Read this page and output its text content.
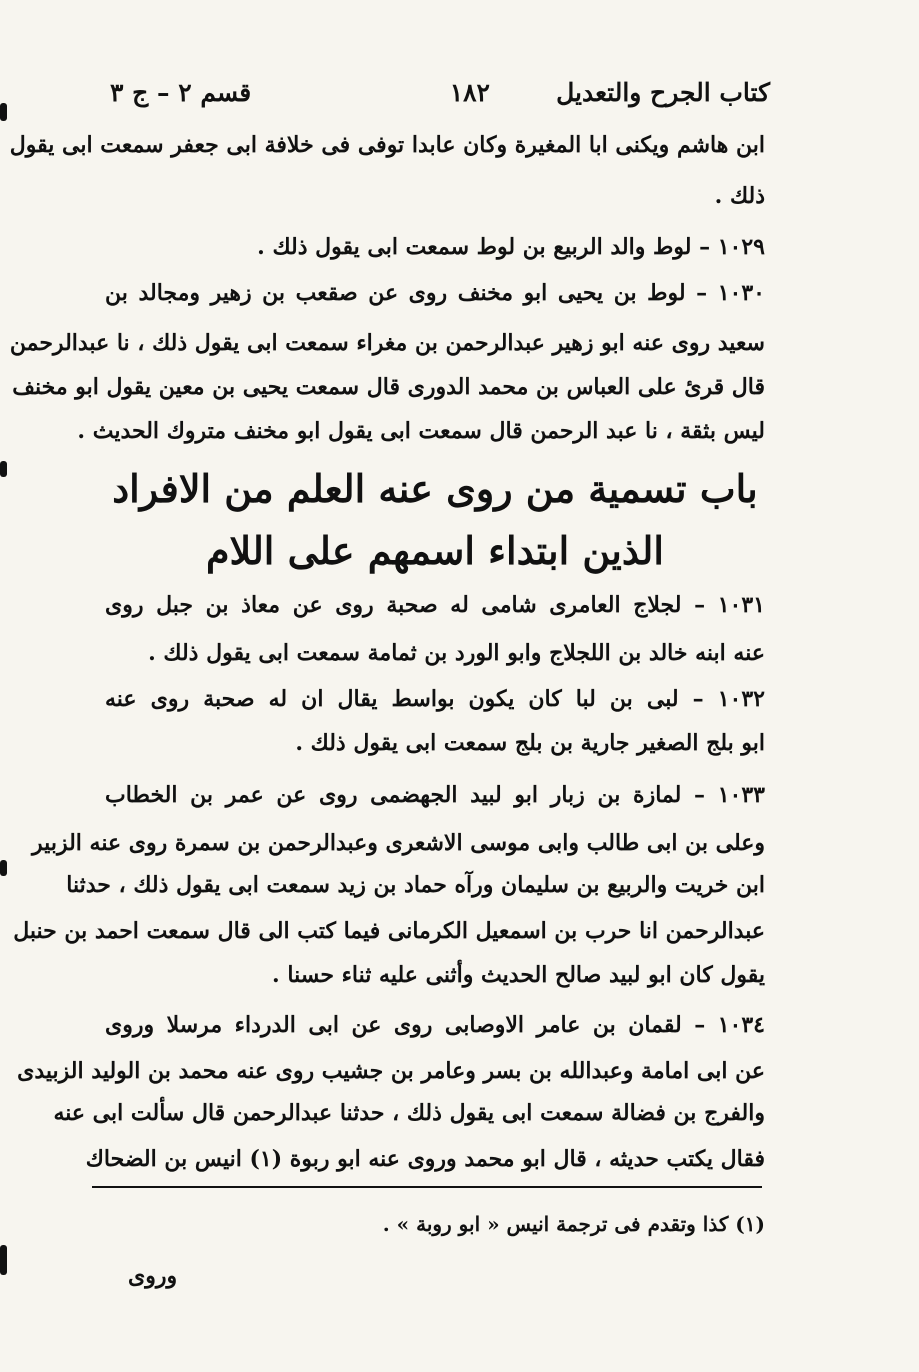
كتاب الجرح والتعديل
١٨٢
قسم ٢ – ج ٣
ابن هاشم ويكنى ابا المغيرة وكان عابدا توفى فى خلافة ابى جعفر سمعت ابى يقول
ذلك .
١٠٢٩ – لوط والد الربيع بن لوط سمعت ابى يقول ذلك .
١٠٣٠ – لوط بن يحيى ابو مخنف روى عن صقعب بن زهير ومجالد بن
سعيد روى عنه ابو زهير عبدالرحمن بن مغراء سمعت ابى يقول ذلك ، نا عبدالرحمن
قال قرئ على العباس بن محمد الدورى قال سمعت يحيى بن معين يقول ابو مخنف
ليس بثقة ، نا عبد الرحمن قال سمعت ابى يقول ابو مخنف متروك الحديث .
باب تسمية من روى عنه العلم من الافراد
الذين ابتداء اسمهم على اللام
١٠٣١ – لجلاج العامرى شامى له صحبة روى عن معاذ بن جبل روى
عنه ابنه خالد بن اللجلاج وابو الورد بن ثمامة سمعت ابى يقول ذلك .
١٠٣٢ – لبى بن لبا كان يكون بواسط يقال ان له صحبة روى عنه
ابو بلج الصغير جارية بن بلج سمعت ابى يقول ذلك .
١٠٣٣ – لمازة بن زبار ابو لبيد الجهضمى روى عن عمر بن الخطاب
وعلى بن ابى طالب وابى موسى الاشعرى وعبدالرحمن بن سمرة روى عنه الزبير
ابن خريت والربيع بن سليمان ورآه حماد بن زيد سمعت ابى يقول ذلك ، حدثنا
عبدالرحمن انا حرب بن اسمعيل الكرمانى فيما كتب الى قال سمعت احمد بن حنبل
يقول كان ابو لبيد صالح الحديث وأثنى عليه ثناء حسنا .
١٠٣٤ – لقمان بن عامر الاوصابى روى عن ابى الدرداء مرسلا وروى
عن ابى امامة وعبدالله بن بسر وعامر بن جشيب روى عنه محمد بن الوليد الزبيدى
والفرج بن فضالة سمعت ابى يقول ذلك ، حدثنا عبدالرحمن قال سألت ابى عنه
فقال يكتب حديثه ، قال ابو محمد وروى عنه ابو ربوة (١) انيس بن الضحاك
(١) كذا وتقدم فى ترجمة انيس « ابو روبة » .
وروى
